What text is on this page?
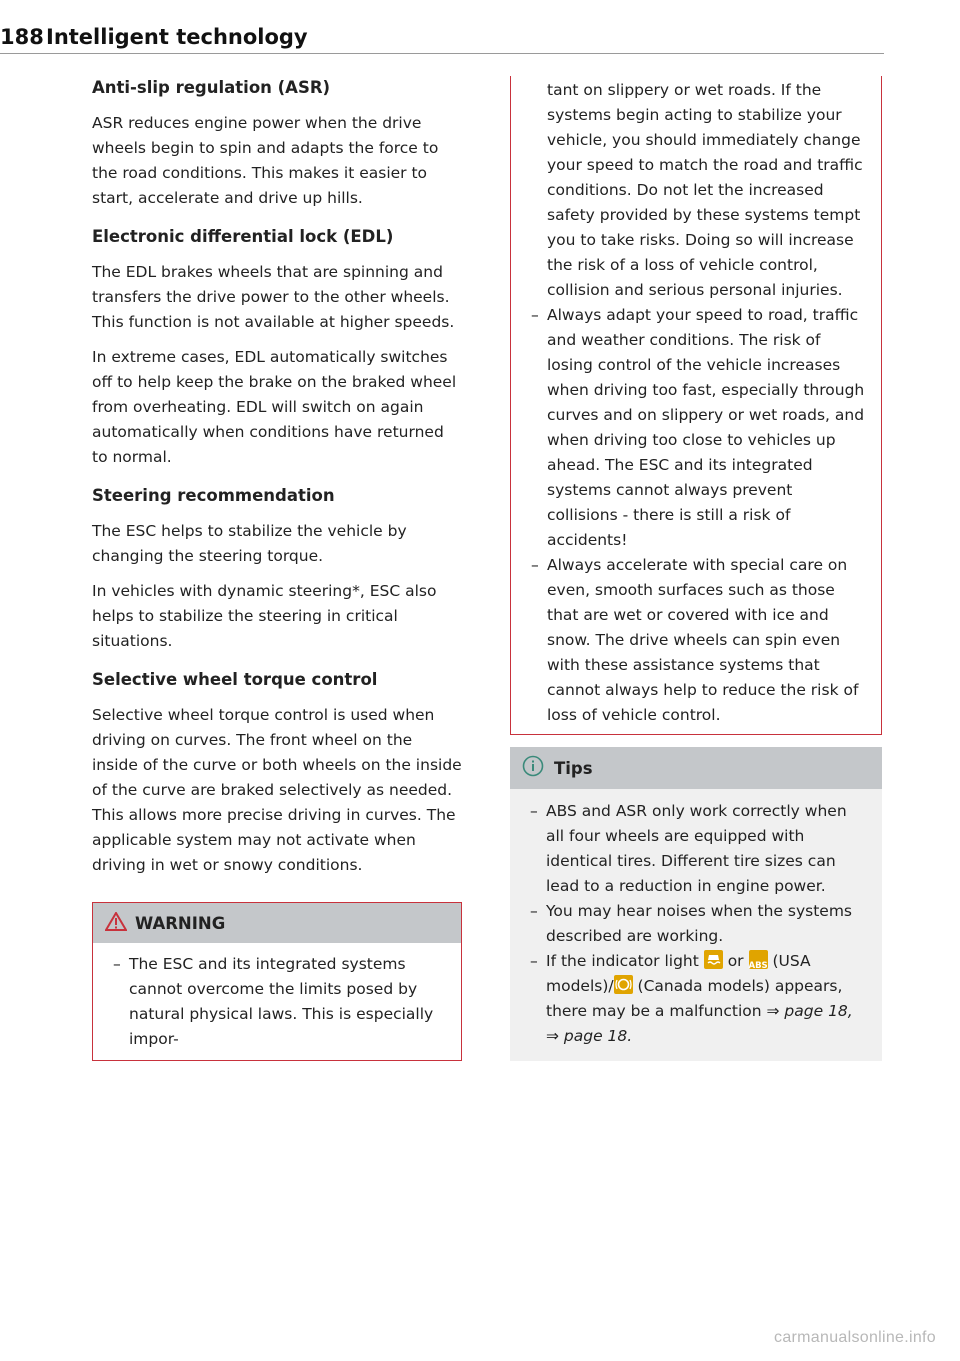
188 Intelligent technology
Anti-slip regulation (ASR)

ASR reduces engine power when the drive wheels begin to spin and adapts the force to the road conditions. This makes it easier to start, accelerate and drive up hills.

Electronic differential lock (EDL)

The EDL brakes wheels that are spinning and transfers the drive power to the other wheels. This function is not available at higher speeds.

In extreme cases, EDL automatically switches off to help keep the brake on the braked wheel from overheating. EDL will switch on again automatically when conditions have returned to normal.

Steering recommendation

The ESC helps to stabilize the vehicle by changing the steering torque.

In vehicles with dynamic steering*, ESC also helps to stabilize the steering in critical situations.

Selective wheel torque control

Selective wheel torque control is used when driving on curves. The front wheel on the inside of the curve or both wheels on the inside of the curve are braked selectively as needed. This allows more precise driving in curves. The applicable system may not activate when driving in wet or snowy conditions.

WARNING
– The ESC and its integrated systems cannot overcome the limits posed by natural physical laws. This is especially impor-
tant on slippery or wet roads. If the systems begin acting to stabilize your vehicle, you should immediately change your speed to match the road and traffic conditions. Do not let the increased safety provided by these systems tempt you to take risks. Doing so will increase the risk of a loss of vehicle control, collision and serious personal injuries.
– Always adapt your speed to road, traffic and weather conditions. The risk of losing control of the vehicle increases when driving too fast, especially through curves and on slippery or wet roads, and when driving too close to vehicles up ahead. The ESC and its integrated systems cannot always prevent collisions - there is still a risk of accidents!
– Always accelerate with special care on even, smooth surfaces such as those that are wet or covered with ice and snow. The drive wheels can spin even with these assistance systems that cannot always help to reduce the risk of loss of vehicle control.
Tips
– ABS and ASR only work correctly when all four wheels are equipped with identical tires. Different tire sizes can lead to a reduction in engine power.
– You may hear noises when the systems described are working.
– If the indicator light or ABS (USA models)/ (Canada models) appears, there may be a malfunction ⇒ page 18, ⇒ page 18.
carmanualsonline.info
